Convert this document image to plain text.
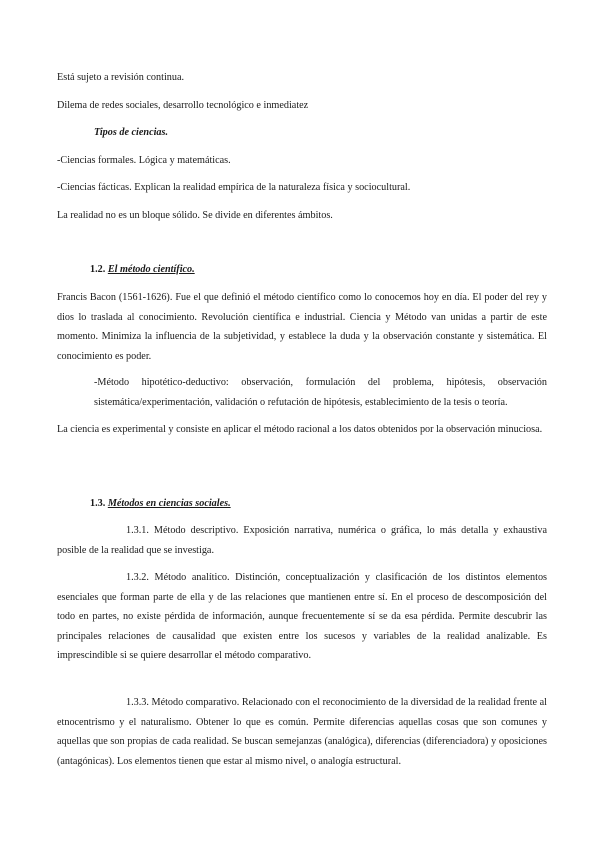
Está sujeto a revisión continua.

Dilema de redes sociales, desarrollo tecnológico e inmediatez

Tipos de ciencias.

-Ciencias formales. Lógica y matemáticas.

-Ciencias fácticas. Explican la realidad empírica de la naturaleza física y sociocultural.

La realidad no es un bloque sólido. Se divide en diferentes ámbitos.

1.2. El método científico.

Francis Bacon (1561-1626). Fue el que definió el método científico como lo conocemos hoy en día. El poder del rey y dios lo traslada al conocimiento. Revolución científica e industrial. Ciencia y Método van unidas a partir de este momento. Minimiza la influencia de la subjetividad, y establece la duda y la observación constante y sistemática. El conocimiento es poder.

-Método hipotético-deductivo: observación, formulación del problema, hipótesis, observación sistemática/experimentación, validación o refutación de hipótesis, establecimiento de la tesis o teoría.

La ciencia es experimental y consiste en aplicar el método racional a los datos obtenidos por la observación minuciosa.

1.3. Métodos en ciencias sociales.

1.3.1. Método descriptivo. Exposición narrativa, numérica o gráfica, lo más detalla y exhaustiva posible de la realidad que se investiga.

1.3.2. Método analítico. Distinción, conceptualización y clasificación de los distintos elementos esenciales que forman parte de ella y de las relaciones que mantienen entre sí. En el proceso de descomposición del todo en partes, no existe pérdida de información, aunque frecuentemente sí se da esa pérdida. Permite descubrir las principales relaciones de causalidad que existen entre los sucesos y variables de la realidad analizable. Es imprescindible si se quiere desarrollar el método comparativo.

1.3.3. Método comparativo. Relacionado con el reconocimiento de la diversidad de la realidad frente al etnocentrismo y el naturalismo. Obtener lo que es común. Permite diferencias aquellas cosas que son comunes y aquellas que son propias de cada realidad. Se buscan semejanzas (analógica), diferencias (diferenciadora) y oposiciones (antagónicas). Los elementos tienen que estar al mismo nivel, o analogía estructural.
